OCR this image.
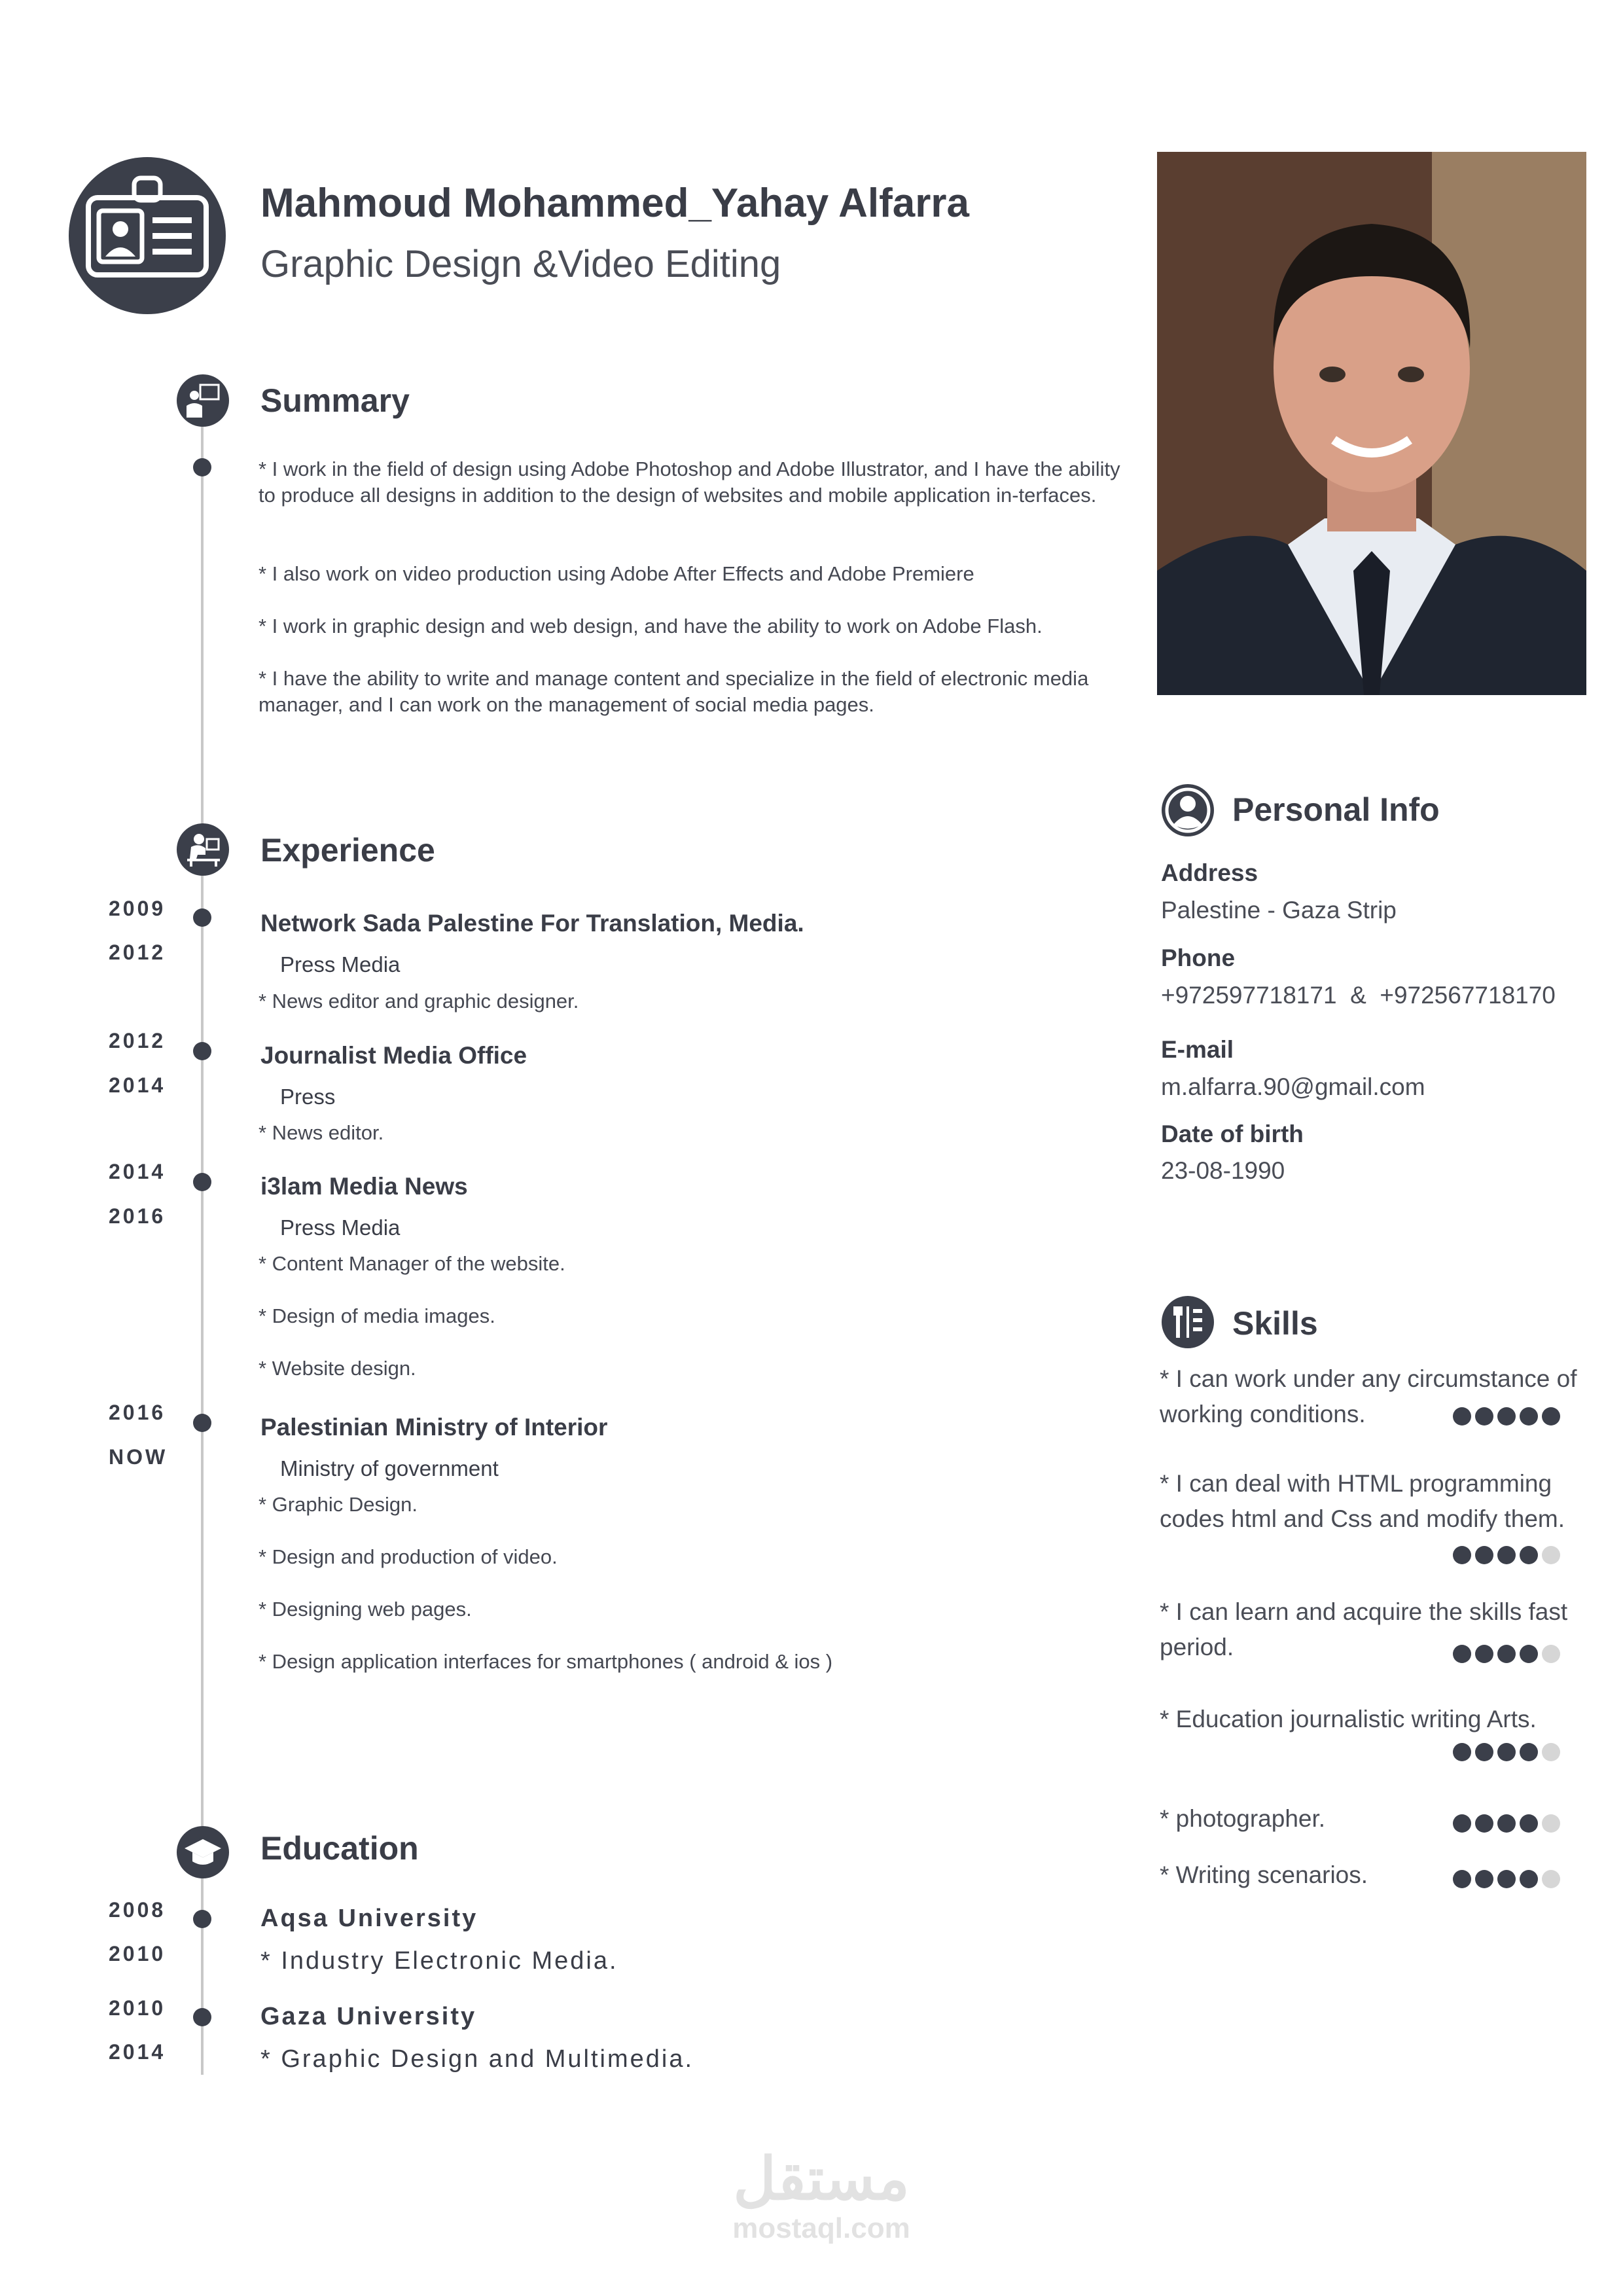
Mahmoud Mohammed_Yahay Alfarra
Graphic Design &Video Editing
Summary
* I work in the field of design using Adobe Photoshop and Adobe Illustrator, and I have the ability to produce all designs in addition to the design of websites and mobile application in-terfaces.
* I also work on video production using Adobe After Effects and Adobe Premiere
* I work in graphic design and web design, and have the ability to work on Adobe Flash.
* I have the ability to write and manage content and specialize in the field of electronic media manager, and I can work on the management of social media pages.
Experience
2009
2012
Network Sada Palestine For Translation, Media.
Press Media
* News editor and graphic designer.
2012
2014
Journalist Media Office
Press
* News editor.
2014
2016
i3lam Media News
Press Media
* Content Manager of the website.
* Design of media images.
* Website design.
2016
NOW
Palestinian Ministry of Interior
Ministry of government
* Graphic Design.
* Design and production of video.
* Designing web pages.
* Design application interfaces for smartphones ( android & ios )
Education
2008
2010
Aqsa University
* Industry Electronic Media.
2010
2014
Gaza University
* Graphic Design and Multimedia.
Personal Info
Address
Palestine - Gaza Strip
Phone
+972597718171  &  +972567718170
E-mail
m.alfarra.90@gmail.com
Date of birth
23-08-1990
Skills
* I can work under any circumstance of working conditions.
* I can deal with HTML programming codes html and Css and modify them.
* I can learn and acquire the skills fast period.
* Education journalistic writing Arts.
* photographer.
* Writing scenarios.
مستقل
mostaql.com
